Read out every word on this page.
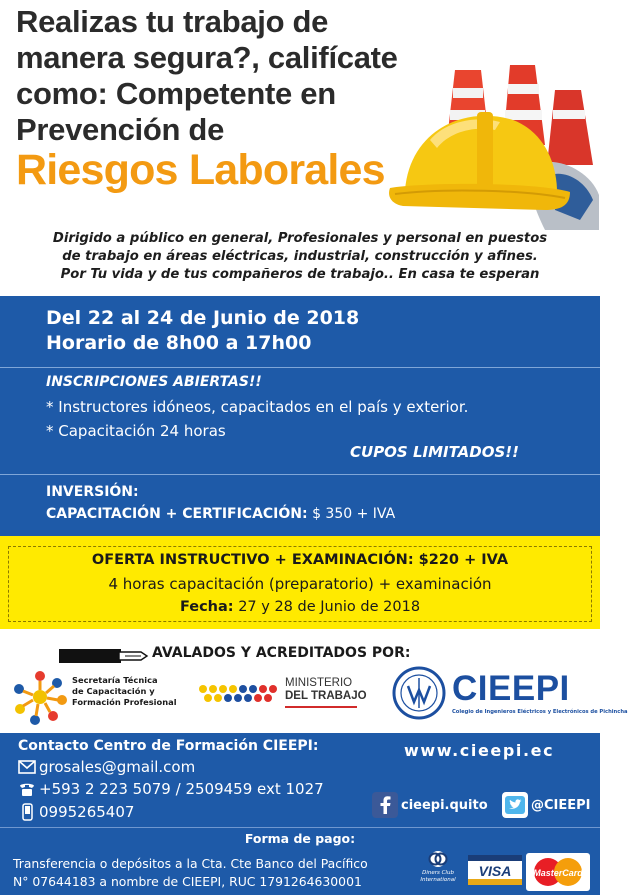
Realizas tu trabajo de
manera segura?, califícate
como: Competente en
Prevención de
Riesgos Laborales
Dirigido a público en general, Profesionales y personal en puestos
de trabajo en áreas eléctricas, industrial, construcción y afines.
Por Tu vida y de tus compañeros de trabajo.. En casa te esperan
Del 22 al 24 de Junio de 2018
Horario de 8h00 a 17h00
INSCRIPCIONES ABIERTAS!!
* Instructores idóneos, capacitados en el país y exterior.
* Capacitación 24 horas
CUPOS LIMITADOS!!
INVERSIÓN:
CAPACITACIÓN + CERTIFICACIÓN: $ 350 + IVA
OFERTA INSTRUCTIVO + EXAMINACIÓN: $220 + IVA
4 horas capacitación (preparatorio) + examinación
Fecha: 27 y 28 de Junio de 2018
AVALADOS Y ACREDITADOS POR:
Secretaría Técnica
de Capacitación y
Formación Profesional
MINISTERIO
DEL TRABAJO CIEEPI
Colegio de Ingenieros Eléctricos y Electrónicos de Pichincha
Contacto Centro de Formación CIEEPI:
grosales@gmail.com
+593 2 223 5079 / 2509459 ext 1027
0995265407
www.cieepi.ec
cieepi.quito	@CIEEPI
Forma de pago:
Transferencia o depósitos a la Cta. Cte Banco del Pacífico
N° 07644183 a nombre de CIEEPI, RUC 1791264630001
Diners Club
International
VISA MasterCard
